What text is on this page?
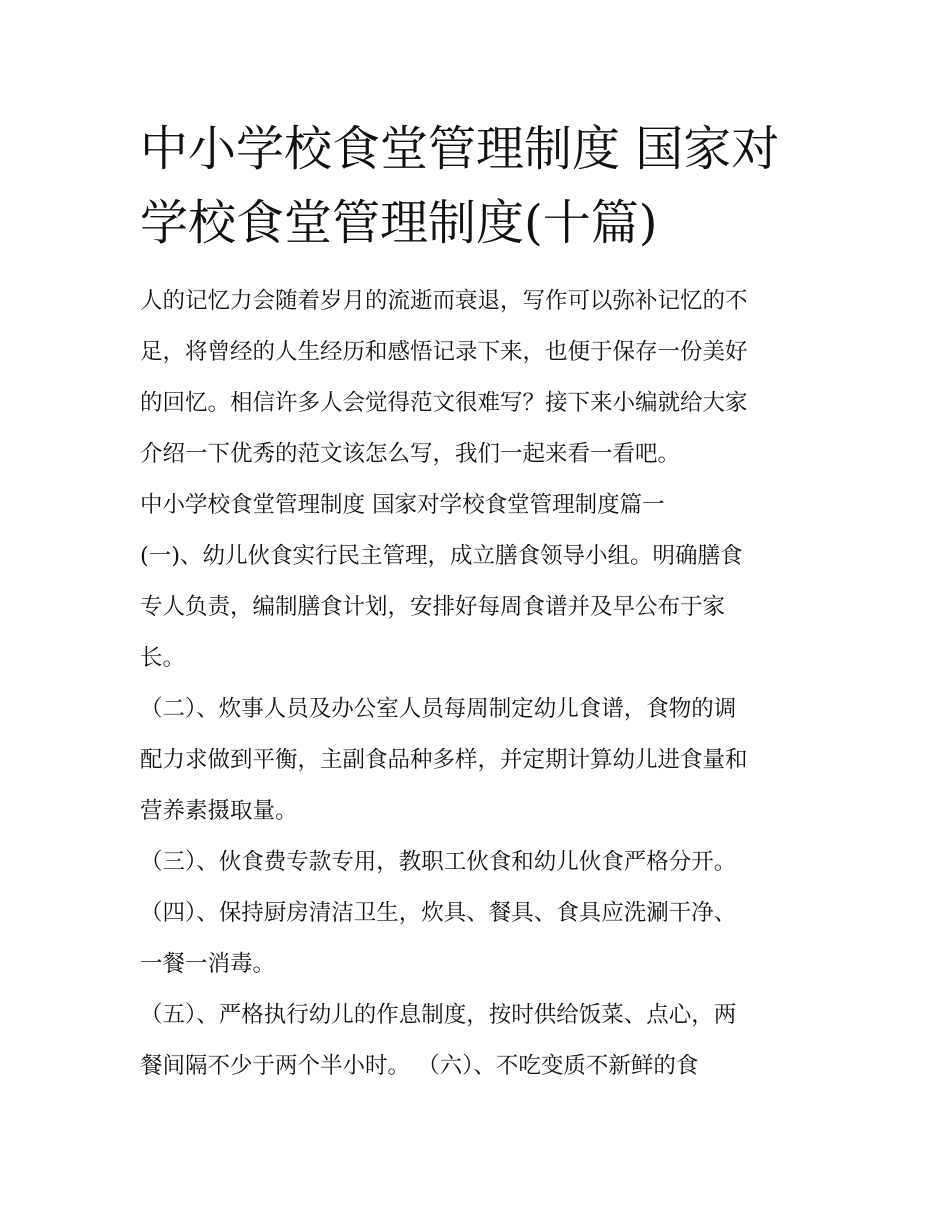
中小学校食堂管理制度 国家对
学校食堂管理制度(十篇)
人的记忆力会随着岁月的流逝而衰退，写作可以弥补记忆的不
足，将曾经的人生经历和感悟记录下来，也便于保存一份美好
的回忆。相信许多人会觉得范文很难写？接下来小编就给大家
介绍一下优秀的范文该怎么写，我们一起来看一看吧。
中小学校食堂管理制度 国家对学校食堂管理制度篇一
(一)、幼儿伙食实行民主管理，成立膳食领导小组。明确膳食
专人负责，编制膳食计划，安排好每周食谱并及早公布于家
长。
（二）、炊事人员及办公室人员每周制定幼儿食谱，食物的调
配力求做到平衡，主副食品种多样，并定期计算幼儿进食量和
营养素摄取量。
（三）、伙食费专款专用，教职工伙食和幼儿伙食严格分开。
（四）、保持厨房清洁卫生，炊具、餐具、食具应洗涮干净、
一餐一消毒。
（五）、严格执行幼儿的作息制度，按时供给饭菜、点心，两
餐间隔不少于两个半小时。 （六）、不吃变质不新鲜的食
